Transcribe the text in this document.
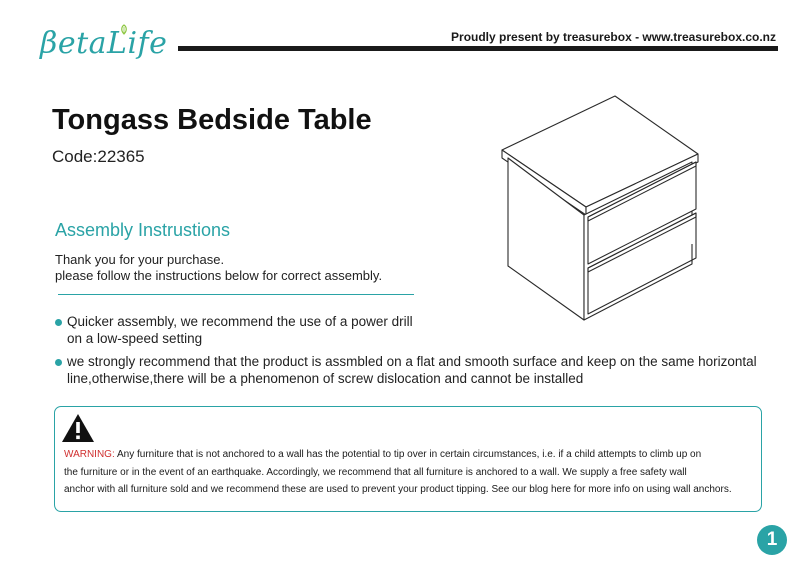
βetaLife	Proudly present by treasurebox - www.treasurebox.co.nz
Tongass Bedside Table
Code:22365
Assembly Instrustions
Thank you for your purchase.
please follow the instructions below for correct assembly.
Quicker assembly, we recommend the use of a power drill
on a low-speed setting
we strongly recommend that the product is assmbled on a flat and smooth surface and keep on the same horizontal
line,otherwise,there will be a phenomenon of screw dislocation and cannot be installed
WARNING: Any furniture that is not anchored to a wall has the potential to tip over in certain circumstances, i.e. if a child attempts to climb up on
the furniture or in the event of an earthquake. Accordingly, we recommend that all furniture is anchored to a wall. We supply a free safety wall
anchor with all furniture sold and we recommend these are used to prevent your product tipping. See our blog here for more info on using wall anchors.
1
